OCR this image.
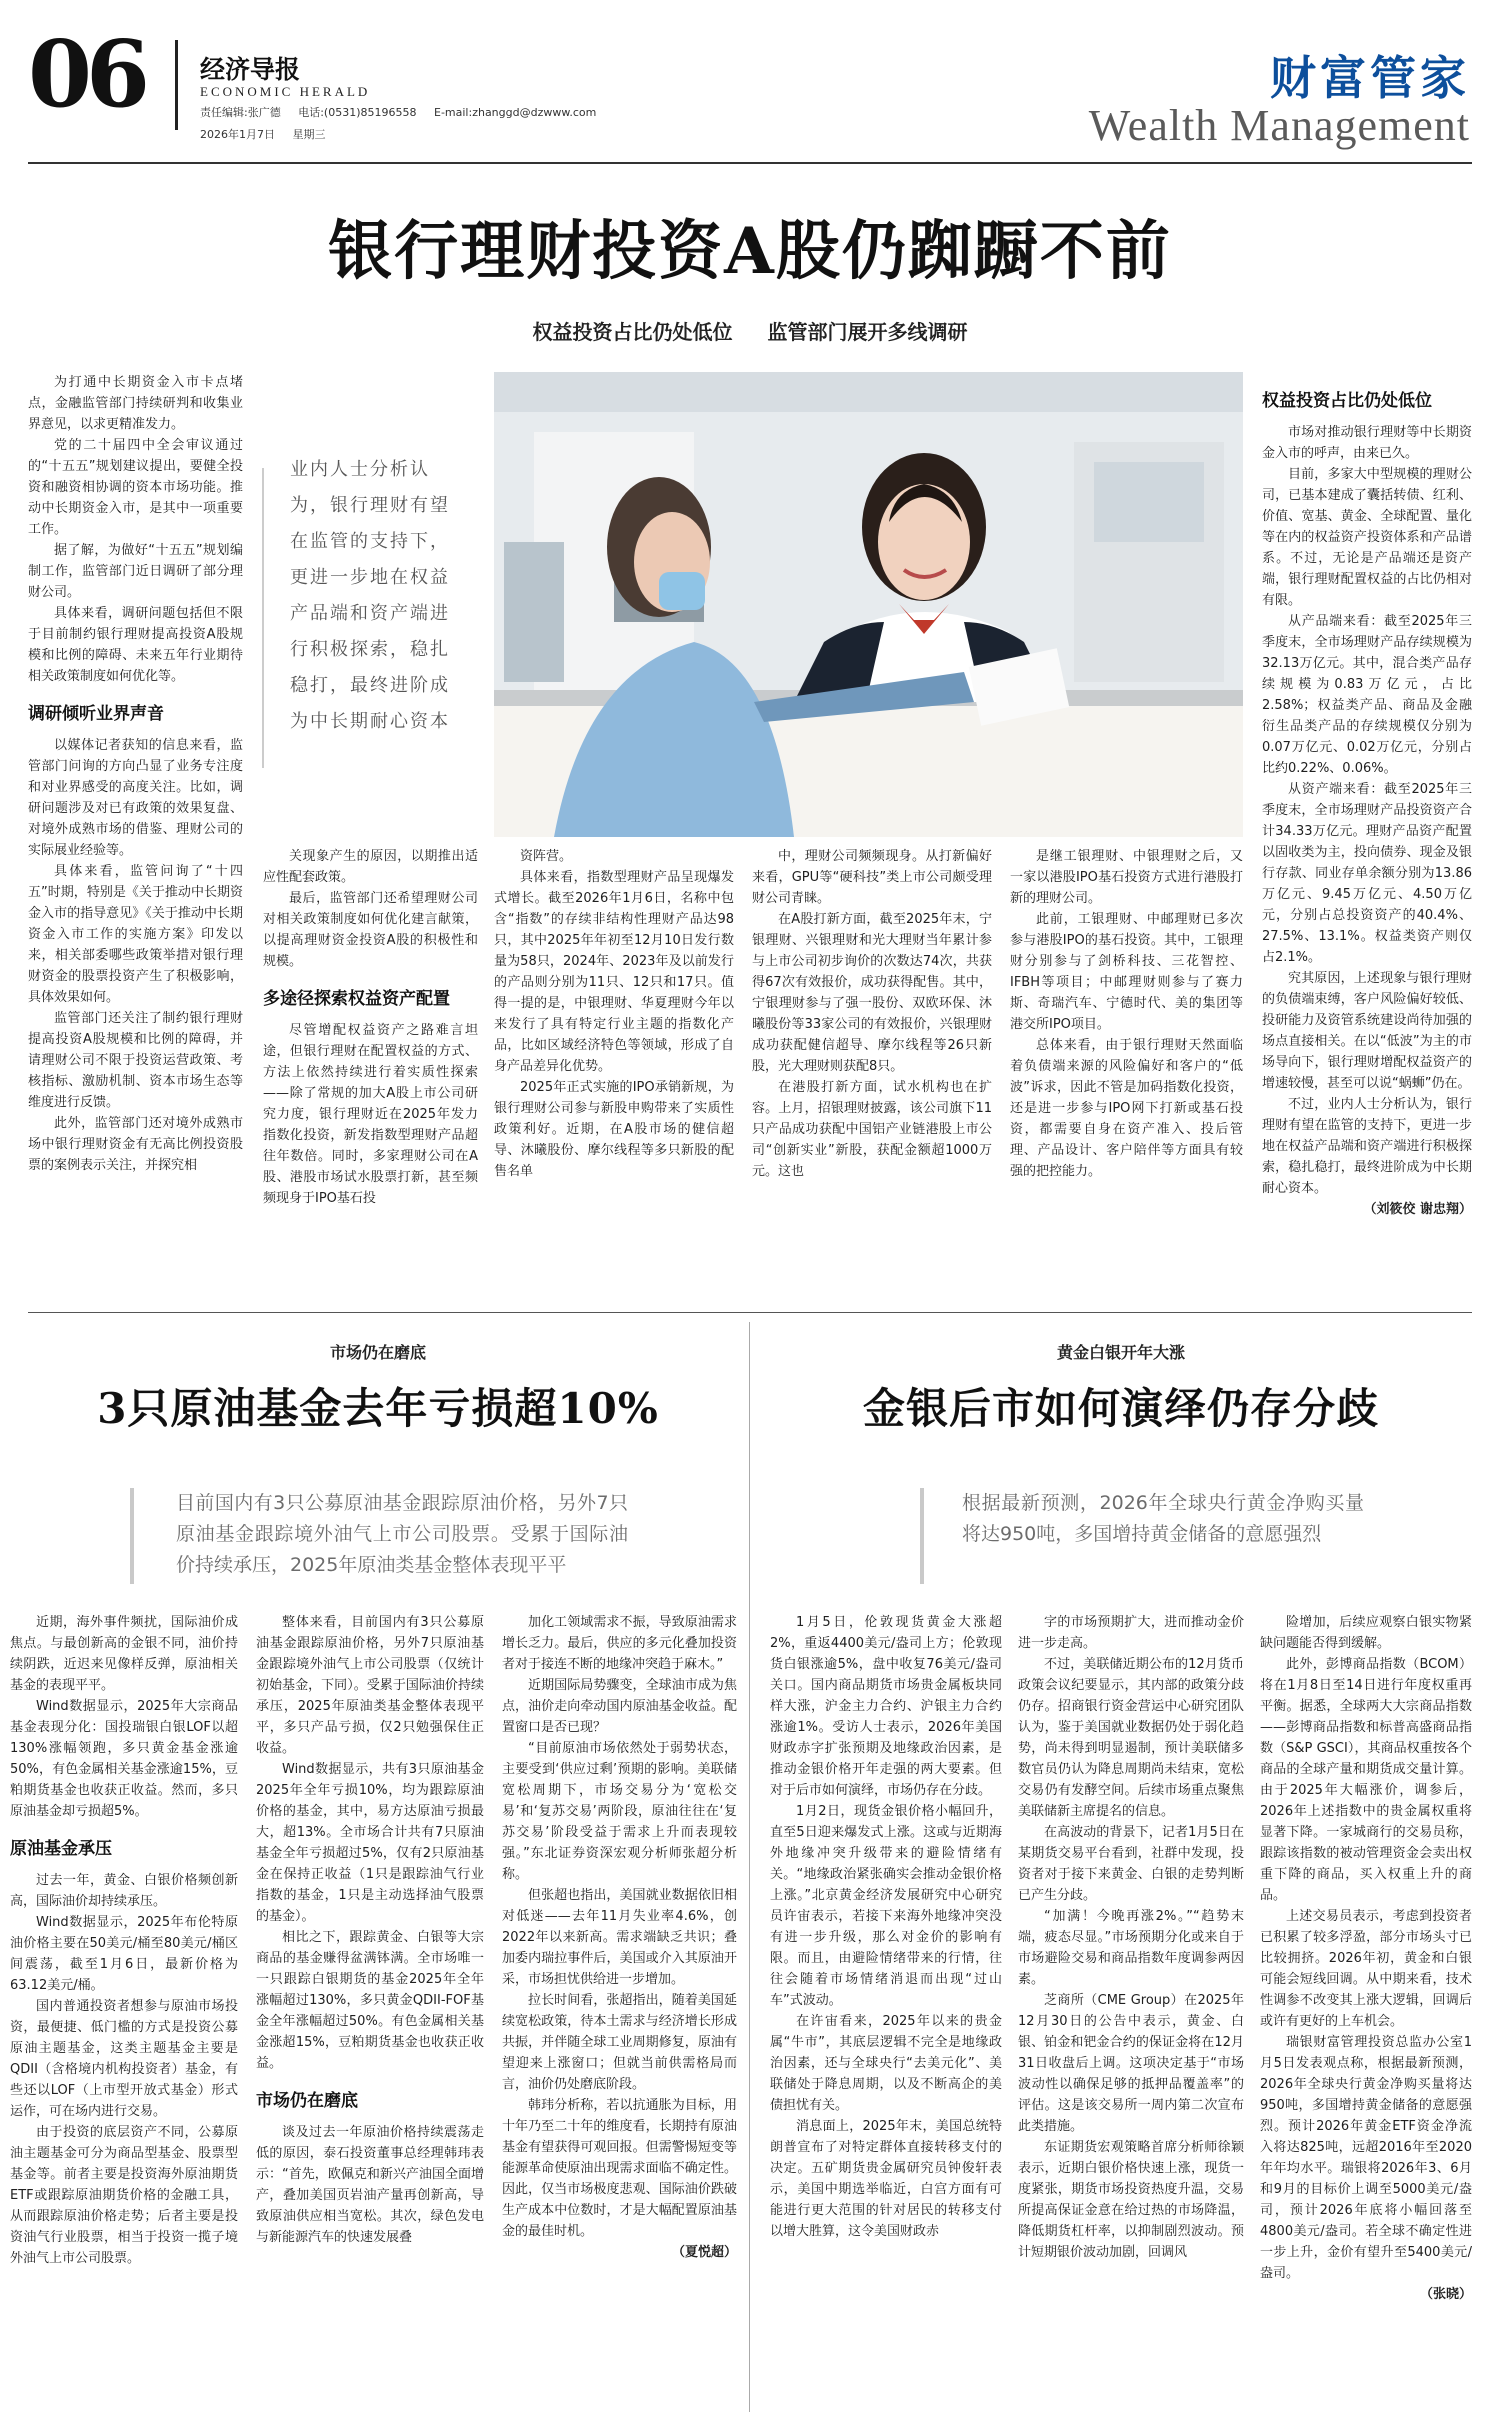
06 经济导报
ECONOMIC HERALD
责任编辑:张广德 电话:(0531)85196558 E-mail:zhanggd@dzwww.com
2026年1月7日 星期三
财富管家
Wealth Management
银行理财投资A股仍踟蹰不前
权益投资占比仍处低位 监管部门展开多线调研

为打通中长期资金入市卡点堵点，金融监管部门持续研判和收集业界意见，以求更精准发力。

党的二十届四中全会审议通过的“十五五”规划建议提出，要健全投资和融资相协调的资本市场功能。推动中长期资金入市，是其中一项重要工作。

据了解，为做好“十五五”规划编制工作，监管部门近日调研了部分理财公司。

具体来看，调研问题包括但不限于目前制约银行理财提高投资A股规模和比例的障碍、未来五年行业期待相关政策制度如何优化等。

调研倾听业界声音

以媒体记者获知的信息来看，监管部门问询的方向凸显了业务专注度和对业界感受的高度关注。比如，调研问题涉及对已有政策的效果复盘、对境外成熟市场的借鉴、理财公司的实际展业经验等。

具体来看，监管问询了“十四五”时期，特别是《关于推动中长期资金入市的指导意见》《关于推动中长期资金入市工作的实施方案》印发以来，相关部委哪些政策举措对银行理财资金的股票投资产生了积极影响，具体效果如何。

监管部门还关注了制约银行理财提高投资A股规模和比例的障碍，并请理财公司不限于投资运营政策、考核指标、激励机制、资本市场生态等维度进行反馈。

此外，监管部门还对境外成熟市场中银行理财资金有无高比例投资股票的案例表示关注，并探究相

业内人士分析认为，银行理财有望在监管的支持下，更进一步地在权益产品端和资产端进行积极探索，稳扎稳打，最终进阶成为中长期耐心资本

关现象产生的原因，以期推出适应性配套政策。

最后，监管部门还希望理财公司对相关政策制度如何优化建言献策，以提高理财资金投资A股的积极性和规模。

多途径探索权益资产配置

尽管增配权益资产之路难言坦途，但银行理财在配置权益的方式、方法上依然持续进行着实质性探索——除了常规的加大A股上市公司研究力度，银行理财近在2025年发力指数化投资，新发指数型理财产品超往年数倍。同时，多家理财公司在A股、港股市场试水股票打新，甚至频频现身于IPO基石投

资阵营。

具体来看，指数型理财产品呈现爆发式增长。截至2026年1月6日，名称中包含“指数”的存续非结构性理财产品达98只，其中2025年年初至12月10日发行数量为58只，2024年、2023年及以前发行的产品则分别为11只、12只和17只。值得一提的是，中银理财、华夏理财今年以来发行了具有特定行业主题的指数化产品，比如区域经济特色等领域，形成了自身产品差异化优势。

2025年正式实施的IPO承销新规，为银行理财公司参与新股申购带来了实质性政策利好。近期，在A股市场的健信超导、沐曦股份、摩尔线程等多只新股的配售名单

中，理财公司频频现身。从打新偏好来看，GPU等“硬科技”类上市公司颇受理财公司青睐。

在A股打新方面，截至2025年末，宁银理财、兴银理财和光大理财当年累计参与上市公司初步询价的次数达74次，共获得67次有效报价，成功获得配售。其中，宁银理财参与了强一股份、双欧环保、沐曦股份等33家公司的有效报价，兴银理财成功获配健信超导、摩尔线程等26只新股，光大理财则获配8只。

在港股打新方面，试水机构也在扩容。上月，招银理财披露，该公司旗下11只产品成功获配中国铝产业链港股上市公司“创新实业”新股，获配金额超1000万元。这也

是继工银理财、中银理财之后，又一家以港股IPO基石投资方式进行港股打新的理财公司。

此前，工银理财、中邮理财已多次参与港股IPO的基石投资。其中，工银理财分别参与了剑桥科技、三花智控、IFBH等项目；中邮理财则参与了赛力斯、奇瑞汽车、宁德时代、美的集团等港交所IPO项目。

总体来看，由于银行理财天然面临着负债端来源的风险偏好和客户的“低波”诉求，因此不管是加码指数化投资，还是进一步参与IPO网下打新或基石投资，都需要自身在资产准入、投后管理、产品设计、客户陪伴等方面具有较强的把控能力。

权益投资占比仍处低位

市场对推动银行理财等中长期资金入市的呼声，由来已久。

目前，多家大中型规模的理财公司，已基本建成了囊括转债、红利、价值、宽基、黄金、全球配置、量化等在内的权益资产投资体系和产品谱系。不过，无论是产品端还是资产端，银行理财配置权益的占比仍相对有限。

从产品端来看：截至2025年三季度末，全市场理财产品存续规模为32.13万亿元。其中，混合类产品存续规模为0.83万亿元，占比2.58%；权益类产品、商品及金融衍生品类产品的存续规模仅分别为0.07万亿元、0.02万亿元，分别占比约0.22%、0.06%。

从资产端来看：截至2025年三季度末，全市场理财产品投资资产合计34.33万亿元。理财产品资产配置以固收类为主，投向债券、现金及银行存款、同业存单余额分别为13.86万亿元、9.45万亿元、4.50万亿元，分别占总投资资产的40.4%、27.5%、13.1%。权益类资产则仅占2.1%。

究其原因，上述现象与银行理财的负债端束缚，客户风险偏好较低、投研能力及资管系统建设尚待加强的场点直接相关。在以“低波”为主的市场导向下，银行理财增配权益资产的增速较慢，甚至可以说“蜗蛳”仍在。

不过，业内人士分析认为，银行理财有望在监管的支持下，更进一步地在权益产品端和资产端进行积极探索，稳扎稳打，最终进阶成为中长期耐心资本。

（刘筱佼 谢忠翔）

市场仍在磨底
3只原油基金去年亏损超10%
目前国内有3只公募原油基金跟踪原油价格，另外7只原油基金跟踪境外油气上市公司股票。受累于国际油价持续承压，2025年原油类基金整体表现平平

近期，海外事件频扰，国际油价成焦点。与最创新高的金银不同，油价持续阴跌，近迟来见像样反弹，原油相关基金的表现平平。

Wind数据显示，2025年大宗商品基金表现分化：国投瑞银白银LOF以超130%涨幅领跑，多只黄金基金涨逾50%，有色金属相关基金涨逾15%，豆粕期货基金也收获正收益。然而，多只原油基金却亏损超5%。

原油基金承压

过去一年，黄金、白银价格频创新高，国际油价却持续承压。

Wind数据显示，2025年布伦特原油价格主要在50美元/桶至80美元/桶区间震荡，截至1月6日，最新价格为63.12美元/桶。

国内普通投资者想参与原油市场投资，最便捷、低门槛的方式是投资公募原油主题基金，这类主题基金主要是QDII（含格境内机构投资者）基金，有些还以LOF（上市型开放式基金）形式运作，可在场内进行交易。

由于投资的底层资产不同，公募原油主题基金可分为商品型基金、股票型基金等。前者主要是投资海外原油期货ETF或跟踪原油期货价格的金融工具，从而跟踪原油价格走势；后者主要是投资油气行业股票，相当于投资一揽子境外油气上市公司股票。

整体来看，目前国内有3只公募原油基金跟踪原油价格，另外7只原油基金跟踪境外油气上市公司股票（仅统计初始基金，下同）。受累于国际油价持续承压，2025年原油类基金整体表现平平，多只产品亏损，仅2只勉强保住正收益。

Wind数据显示，共有3只原油基金2025年全年亏损10%，均为跟踪原油价格的基金，其中，易方达原油亏损最大，超13%。全市场合计共有7只原油基金全年亏损超过5%，仅有2只原油基金在保持正收益（1只是跟踪油气行业指数的基金，1只是主动选择油气股票的基金）。

相比之下，跟踪黄金、白银等大宗商品的基金赚得盆满钵满。全市场唯一一只跟踪白银期货的基金2025年全年涨幅超过130%，多只黄金QDII-FOF基金全年涨幅超过50%。有色金属相关基金涨超15%，豆粕期货基金也收获正收益。

市场仍在磨底

谈及过去一年原油价格持续震荡走低的原因，泰石投资董事总经理韩玮表示：“首先，欧佩克和新兴产油国全面增产，叠加美国页岩油产量再创新高，导致原油供应相当宽松。其次，绿色发电与新能源汽车的快速发展叠

加化工领域需求不振，导致原油需求增长乏力。最后，供应的多元化叠加投资者对于接连不断的地缘冲突趋于麻木。”

近期国际局势骤变，全球油市成为焦点，油价走向牵动国内原油基金收益。配置窗口是否已现？

“目前原油市场依然处于弱势状态，主要受到‘供应过剩’预期的影响。美联储宽松周期下，市场交易分为‘宽松交易’和‘复苏交易’两阶段，原油往往在‘复苏交易’阶段受益于需求上升而表现较强。”东北证券资深宏观分析师张超分析称。

但张超也指出，美国就业数据依旧相对低迷——去年11月失业率4.6%，创2022年以来新高。需求端缺乏共识；叠加委内瑞拉事件后，美国或介入其原油开采，市场担忧供给进一步增加。

拉长时间看，张超指出，随着美国延续宽松政策，待本土需求与经济增长形成共振，并伴随全球工业周期修复，原油有望迎来上涨窗口；但就当前供需格局而言，油价仍处磨底阶段。

韩玮分析称，若以抗通胀为目标，用十年乃至二十年的维度看，长期持有原油基金有望获得可观回报。但需警惕短变等能源革命使原油出现需求面临不确定性。因此，仅当市场极度悲观、国际油价跌破生产成本中位数时，才是大幅配置原油基金的最佳时机。

（夏悦超）

黄金白银开年大涨
金银后市如何演绎仍存分歧
根据最新预测，2026年全球央行黄金净购买量将达950吨，多国增持黄金储备的意愿强烈

1月5日，伦敦现货黄金大涨超2%，重返4400美元/盎司上方；伦敦现货白银涨逾5%，盘中收复76美元/盎司关口。国内商品期货市场贵金属板块同样大涨，沪金主力合约、沪银主力合约涨逾1%。受访人士表示，2026年美国财政赤字扩张预期及地缘政治因素，是推动金银价格开年走强的两大要素。但对于后市如何演绎，市场仍存在分歧。

1月2日，现货金银价格小幅回升，直至5日迎来爆发式上涨。这或与近期海外地缘冲突升级带来的避险情绪有关。“地缘政治紧张确实会推动金银价格上涨。”北京黄金经济发展研究中心研究员许宙表示，若接下来海外地缘冲突没有进一步升级，那么对金价的影响有限。而且，由避险情绪带来的行情，往往会随着市场情绪消退而出现“过山车”式波动。

在许宙看来，2025年以来的贵金属“牛市”，其底层逻辑不完全是地缘政治因素，还与全球央行“去美元化”、美联储处于降息周期，以及不断高企的美债担忧有关。

消息面上，2025年末，美国总统特朗普宣布了对特定群体直接转移支付的决定。五矿期货贵金属研究员钟俊轩表示，美国中期选举临近，白宫方面有可能进行更大范围的针对居民的转移支付以增大胜算，这令美国财政赤

字的市场预期扩大，进而推动金价进一步走高。

不过，美联储近期公布的12月货币政策会议纪要显示，其内部的政策分歧仍存。招商银行资金营运中心研究团队认为，鉴于美国就业数据仍处于弱化趋势，尚未得到明显遏制，预计美联储多数官员仍认为降息周期尚未结束，宽松交易仍有发酵空间。后续市场重点聚焦美联储新主席提名的信息。

在高波动的背景下，记者1月5日在某期货交易平台看到，社群中发现，投资者对于接下来黄金、白银的走势判断已产生分歧。

“加满！今晚再涨2%。”“趋势末端，疲态尽显。”市场预期分化或来自于市场避险交易和商品指数年度调参两因素。

芝商所（CME Group）在2025年12月30日的公告中表示，黄金、白银、铂金和钯金合约的保证金将在12月31日收盘后上调。这项决定基于“市场波动性以确保足够的抵押品覆盖率”的评估。这是该交易所一周内第二次宣布此类措施。

东证期货宏观策略首席分析师徐颖表示，近期白银价格快速上涨，现货一度紧张，期货市场投资热度升温，交易所提高保证金意在给过热的市场降温，降低期货杠杆率，以抑制剧烈波动。预计短期银价波动加剧，回调风

险增加，后续应观察白银实物紧缺问题能否得到缓解。

此外，彭博商品指数（BCOM）将在1月8日至14日进行年度权重再平衡。据悉，全球两大大宗商品指数——彭博商品指数和标普高盛商品指数（S&P GSCI），其商品权重按各个商品的全球产量和期货成交量计算。由于2025年大幅涨价，调参后，2026年上述指数中的贵金属权重将显著下降。一家城商行的交易员称，跟踪该指数的被动管理资金会卖出权重下降的商品，买入权重上升的商品。

上述交易员表示，考虑到投资者已积累了较多浮盈，部分市场头寸已比较拥挤。2026年初，黄金和白银可能会短线回调。从中期来看，技术性调参不改变其上涨大逻辑，回调后或许有更好的上车机会。

瑞银财富管理投资总监办公室1月5日发表观点称，根据最新预测，2026年全球央行黄金净购买量将达950吨，多国增持黄金储备的意愿强烈。预计2026年黄金ETF资金净流入将达825吨，远超2016年至2020年年均水平。瑞银将2026年3、6月和9月的目标价上调至5000美元/盎司，预计2026年底将小幅回落至4800美元/盎司。若全球不确定性进一步上升，金价有望升至5400美元/盎司。

（张晓）
